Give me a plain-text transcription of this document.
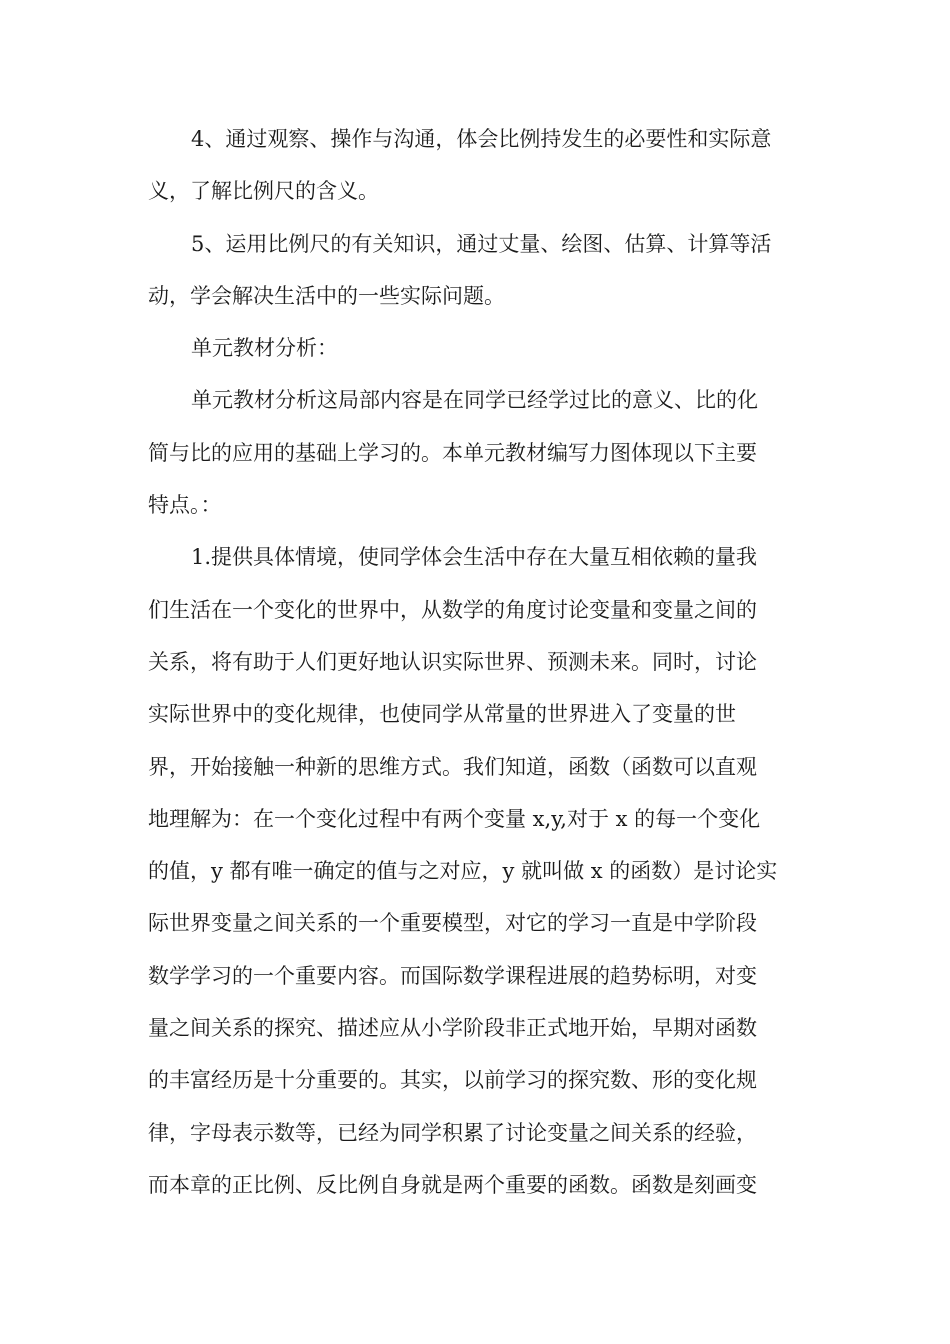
4、通过观察、操作与沟通，体会比例持发生的必要性和实际意
义，了解比例尺的含义。

5、运用比例尺的有关知识，通过丈量、绘图、估算、计算等活
动，学会解决生活中的一些实际问题。

单元教材分析：

单元教材分析这局部内容是在同学已经学过比的意义、比的化
简与比的应用的基础上学习的。本单元教材编写力图体现以下主要
特点。：

1.提供具体情境，使同学体会生活中存在大量互相依赖的量我
们生活在一个变化的世界中，从数学的角度讨论变量和变量之间的
关系，将有助于人们更好地认识实际世界、预测未来。同时，讨论
实际世界中的变化规律，也使同学从常量的世界进入了变量的世
界，开始接触一种新的思维方式。我们知道，函数（函数可以直观
地理解为：在一个变化过程中有两个变量 x,y,对于 x 的每一个变化
的值，y 都有唯一确定的值与之对应，y 就叫做 x 的函数）是讨论实
际世界变量之间关系的一个重要模型，对它的学习一直是中学阶段
数学学习的一个重要内容。而国际数学课程进展的趋势标明，对变
量之间关系的探究、描述应从小学阶段非正式地开始，早期对函数
的丰富经历是十分重要的。其实，以前学习的探究数、形的变化规
律，字母表示数等，已经为同学积累了讨论变量之间关系的经验，
而本章的正比例、反比例自身就是两个重要的函数。函数是刻画变
